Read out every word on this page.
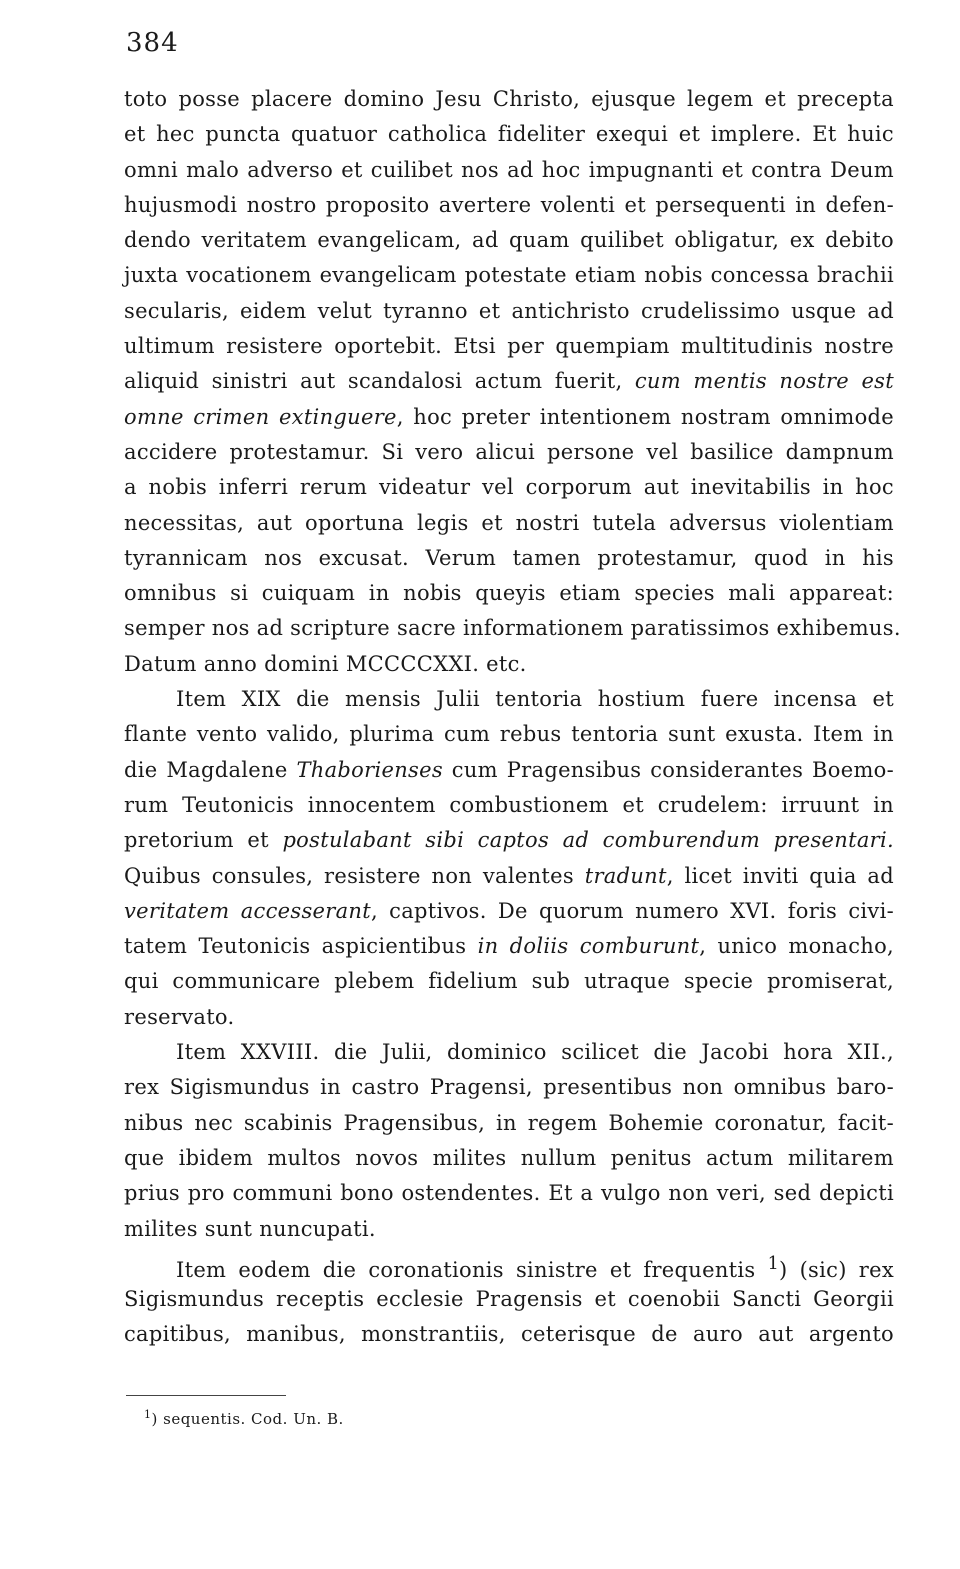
384
toto posse placere domino Jesu Christo, ejusque legem et precepta
et hec puncta quatuor catholica fideliter exequi et implere. Et huic
omni malo adverso et cuilibet nos ad hoc impugnanti et contra Deum
hujusmodi nostro proposito avertere volenti et persequenti in defen-
dendo veritatem evangelicam, ad quam quilibet obligatur, ex debito
juxta vocationem evangelicam potestate etiam nobis concessa brachii
secularis, eidem velut tyranno et antichristo crudelissimo usque ad
ultimum resistere oportebit. Etsi per quempiam multitudinis nostre
aliquid sinistri aut scandalosi actum fuerit, cum mentis nostre est
omne crimen extinguere, hoc preter intentionem nostram omnimode
accidere protestamur. Si vero alicui persone vel basilice dampnum
a nobis inferri rerum videatur vel corporum aut inevitabilis in hoc
necessitas, aut oportuna legis et nostri tutela adversus violentiam
tyrannicam nos excusat. Verum tamen protestamur, quod in his
omnibus si cuiquam in nobis queyis etiam species mali appareat:
semper nos ad scripture sacre informationem paratissimos exhibemus.
Datum anno domini MCCCCXXI. etc.
Item XIX die mensis Julii tentoria hostium fuere incensa et
flante vento valido, plurima cum rebus tentoria sunt exusta. Item in
die Magdalene Thaborienses cum Pragensibus considerantes Boemo-
rum Teutonicis innocentem combustionem et crudelem: irruunt in
pretorium et postulabant sibi captos ad comburendum presentari.
Quibus consules, resistere non valentes tradunt, licet inviti quia ad
veritatem accesserant, captivos. De quorum numero XVI. foris civi-
tatem Teutonicis aspicientibus in doliis comburunt, unico monacho,
qui communicare plebem fidelium sub utraque specie promiserat,
reservato.
Item XXVIII. die Julii, dominico scilicet die Jacobi hora XII.,
rex Sigismundus in castro Pragensi, presentibus non omnibus baro-
nibus nec scabinis Pragensibus, in regem Bohemie coronatur, facit-
que ibidem multos novos milites nullum penitus actum militarem
prius pro communi bono ostendentes. Et a vulgo non veri, sed depicti
milites sunt nuncupati.
Item eodem die coronationis sinistre et frequentis $^1$) (sic) rex
Sigismundus receptis ecclesie Pragensis et coenobii Sancti Georgii
capitibus, manibus, monstrantiis, ceterisque de auro aut argento
$^1$) sequentis. Cod. Un. B.
